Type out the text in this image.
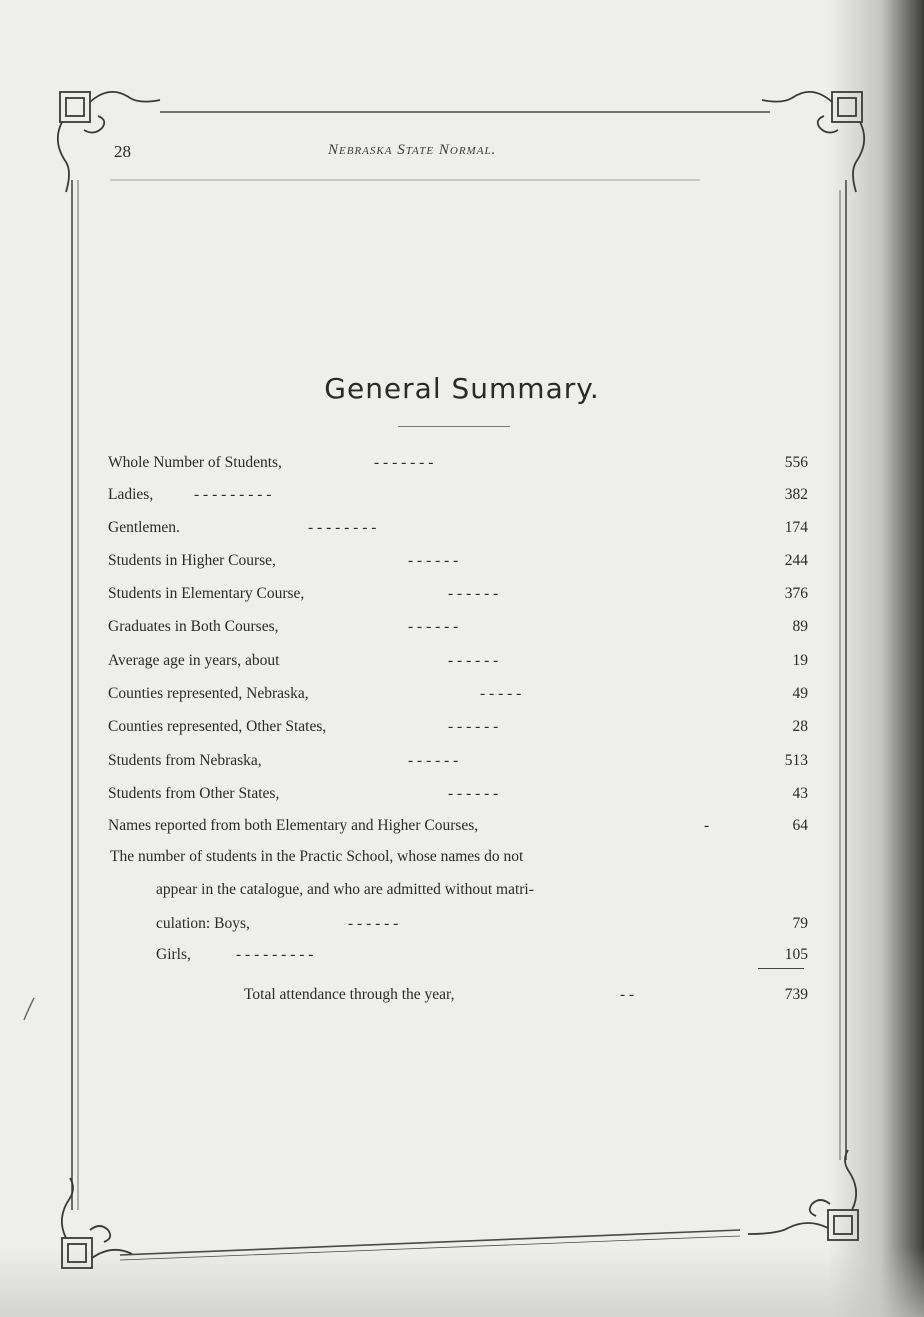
28	Nebraska State Normal.
General Summary.
Whole Number of Students,	- - - - - - -	556
Ladies,	- - - - - - - - -	382
Gentlemen.	- - - - - - - -	174
Students in Higher Course,	- - - - - -	244
Students in Elementary Course,	- - - - - -	376
Graduates in Both Courses,	- - - - - -	89
Average age in years, about	- - - - - -	19
Counties represented, Nebraska,	- - - - -	49
Counties represented, Other States,	- - - - - -	28
Students from Nebraska,	- - - - - -	513
Students from Other States,	- - - - - -	43
Names reported from both Elementary and Higher Courses,	-	64
The number of students in the Practic School, whose names do not
appear in the catalogue, and who are admitted without matri-
culation: Boys,	- - - - - -	79
Girls,	- - - - - - - - -	105
Total attendance through the year,	- -	739
